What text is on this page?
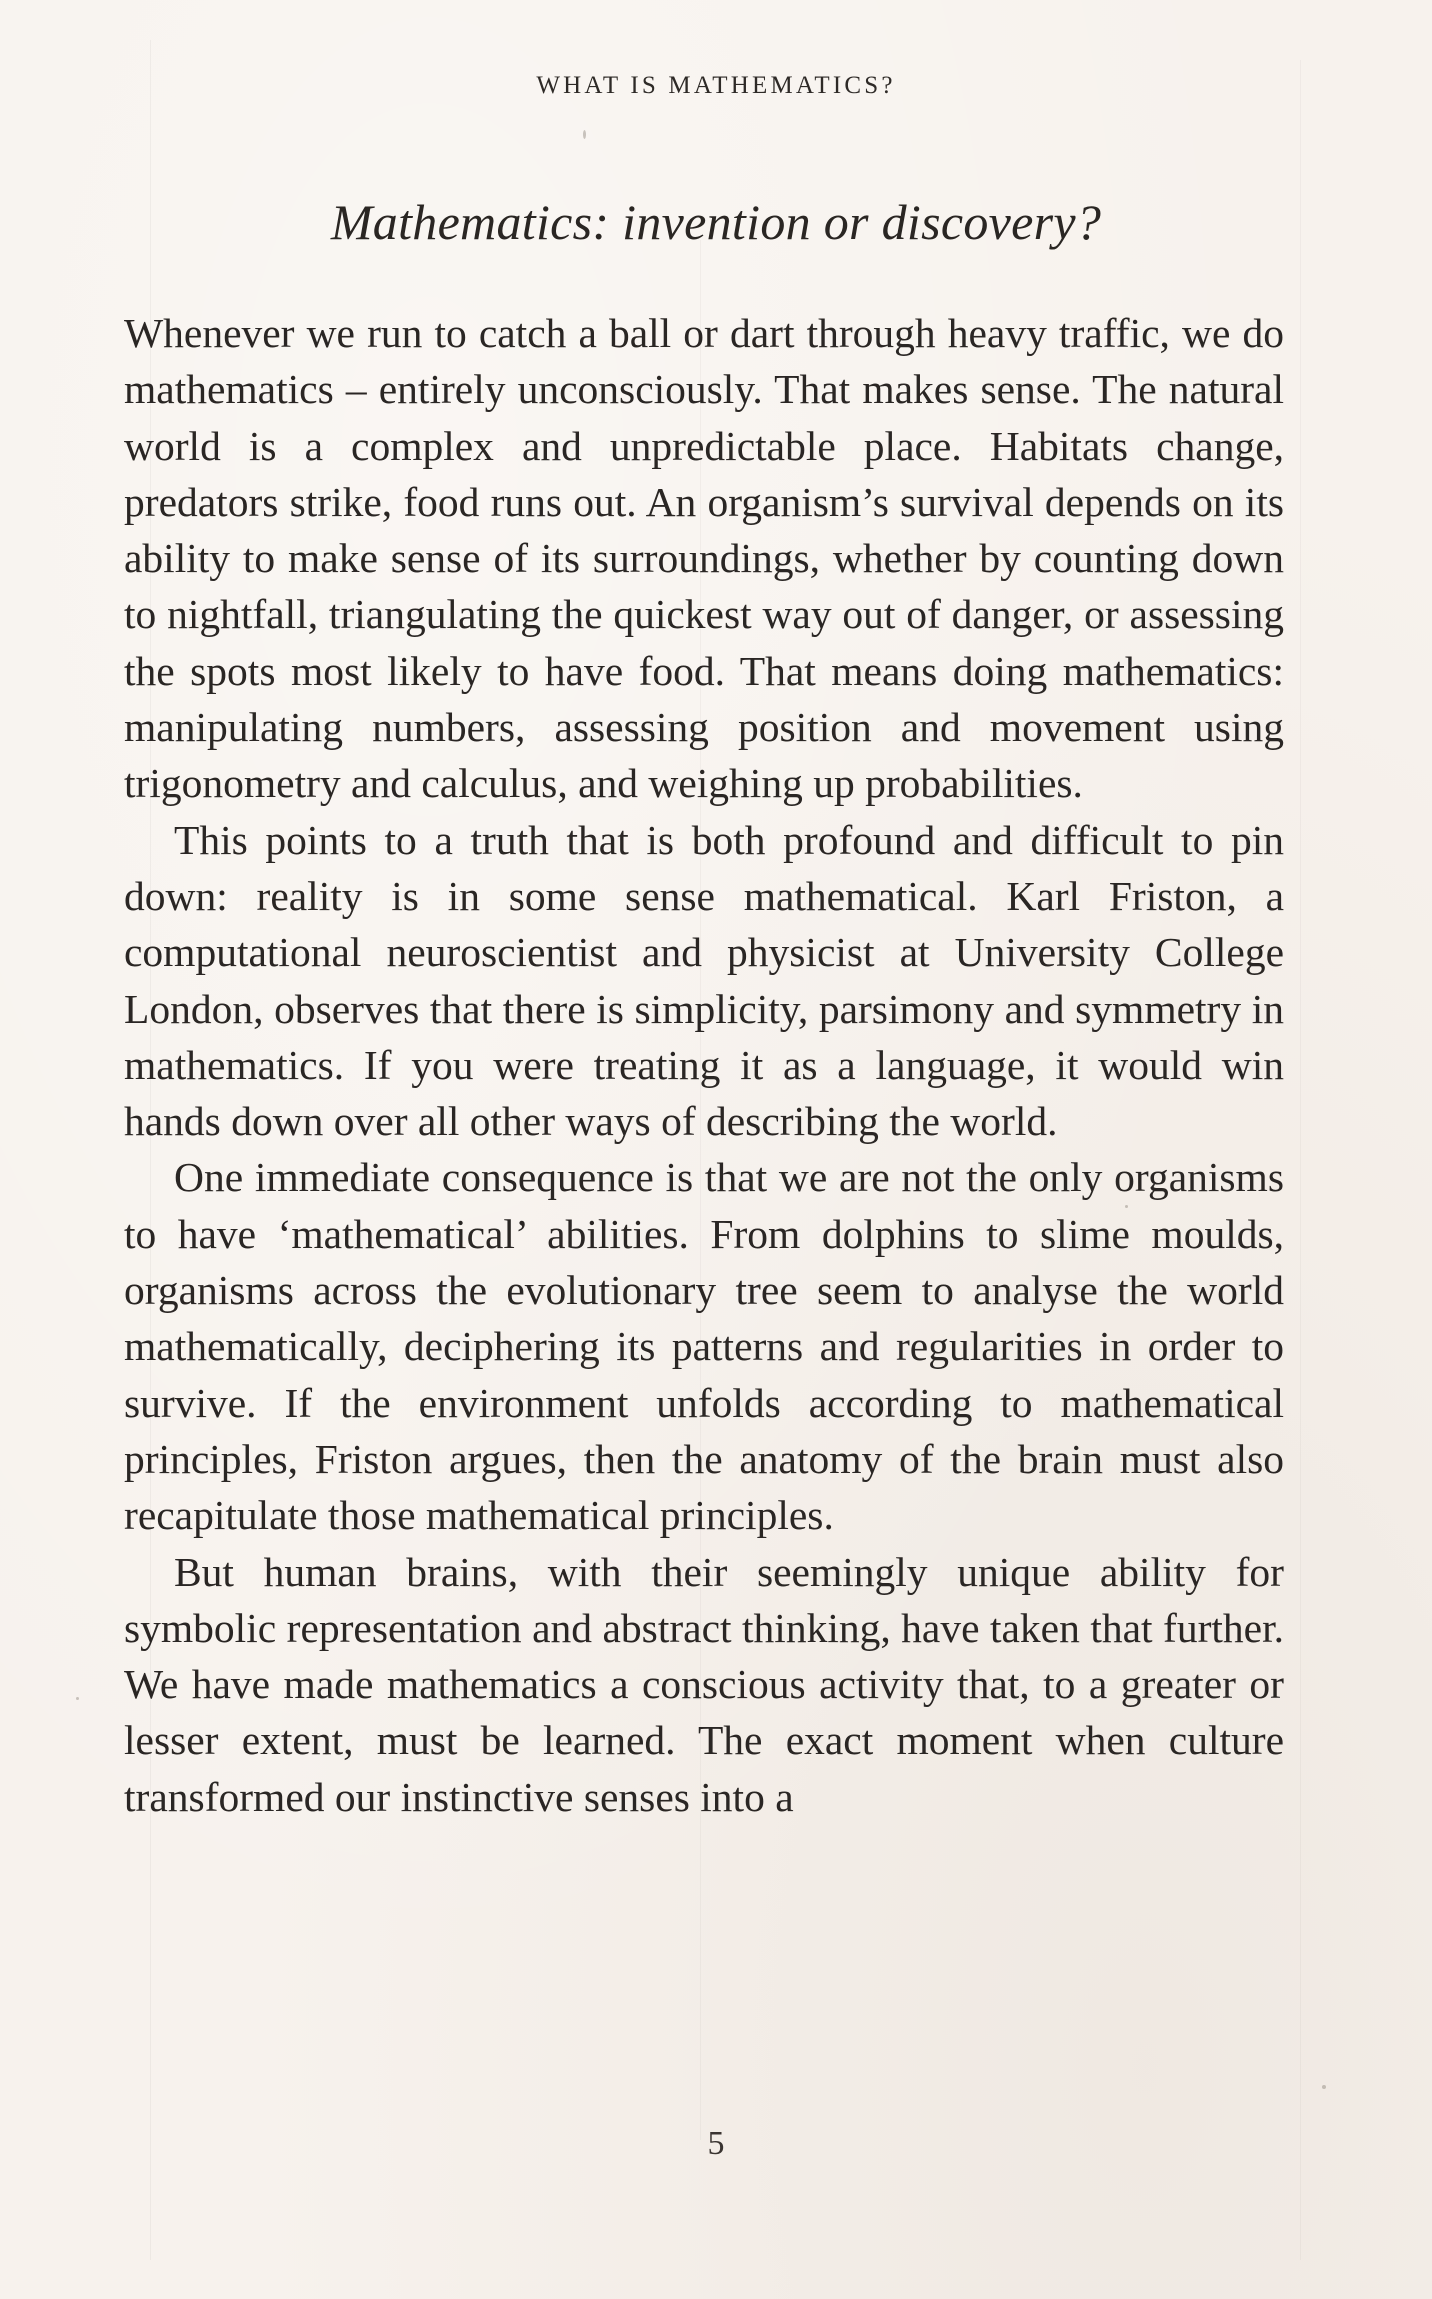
WHAT IS MATHEMATICS?
Mathematics: invention or discovery?

Whenever we run to catch a ball or dart through heavy traffic, we do mathematics – entirely unconsciously. That makes sense. The natural world is a complex and unpredictable place. Habitats change, predators strike, food runs out. An organism’s survival depends on its ability to make sense of its surroundings, whether by counting down to nightfall, triangulating the quickest way out of danger, or assessing the spots most likely to have food. That means doing mathematics: manipulating numbers, assessing position and movement using trigonometry and calculus, and weighing up probabilities.

This points to a truth that is both profound and difficult to pin down: reality is in some sense mathematical. Karl Friston, a computational neuroscientist and physicist at University College London, observes that there is simplicity, parsimony and symmetry in mathematics. If you were treating it as a language, it would win hands down over all other ways of describing the world.

One immediate consequence is that we are not the only organisms to have ‘mathematical’ abilities. From dolphins to slime moulds, organisms across the evolutionary tree seem to analyse the world mathematically, deciphering its patterns and regularities in order to survive. If the environment unfolds according to mathematical principles, Friston argues, then the anatomy of the brain must also recapitulate those mathematical principles.

But human brains, with their seemingly unique ability for symbolic representation and abstract thinking, have taken that further. We have made mathematics a conscious activity that, to a greater or lesser extent, must be learned. The exact moment when culture transformed our instinctive senses into a

5
